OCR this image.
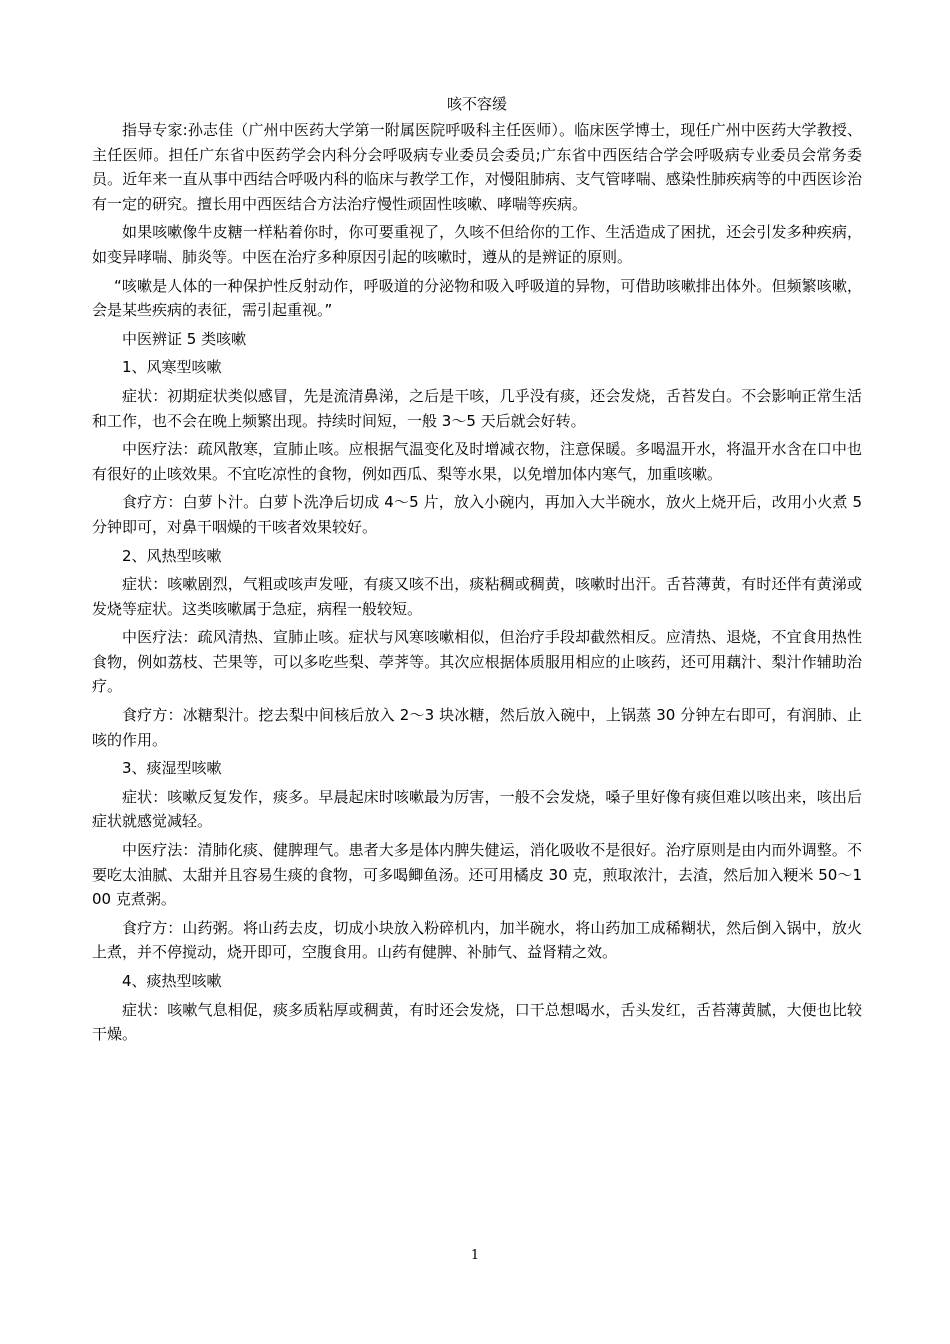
咳不容缓
指导专家:孙志佳（广州中医药大学第一附属医院呼吸科主任医师）。临床医学博士，现任广州中医药大学教授、主任医师。担任广东省中医药学会内科分会呼吸病专业委员会委员;广东省中西医结合学会呼吸病专业委员会常务委员。近年来一直从事中西结合呼吸内科的临床与教学工作，对慢阻肺病、支气管哮喘、感染性肺疾病等的中西医诊治有一定的研究。擅长用中西医结合方法治疗慢性顽固性咳嗽、哮喘等疾病。
如果咳嗽像牛皮糖一样粘着你时，你可要重视了，久咳不但给你的工作、生活造成了困扰，还会引发多种疾病，如变异哮喘、肺炎等。中医在治疗多种原因引起的咳嗽时，遵从的是辨证的原则。
“咳嗽是人体的一种保护性反射动作，呼吸道的分泌物和吸入呼吸道的异物，可借助咳嗽排出体外。但频繁咳嗽，会是某些疾病的表征，需引起重视。”
中医辨证 5 类咳嗽
1、风寒型咳嗽
症状：初期症状类似感冒，先是流清鼻涕，之后是干咳，几乎没有痰，还会发烧，舌苔发白。不会影响正常生活和工作，也不会在晚上频繁出现。持续时间短，一般 3～5 天后就会好转。
中医疗法：疏风散寒，宣肺止咳。应根据气温变化及时增减衣物，注意保暖。多喝温开水，将温开水含在口中也有很好的止咳效果。不宜吃凉性的食物，例如西瓜、梨等水果，以免增加体内寒气，加重咳嗽。
食疗方：白萝卜汁。白萝卜洗净后切成 4～5 片，放入小碗内，再加入大半碗水，放火上烧开后，改用小火煮 5 分钟即可，对鼻干咽燥的干咳者效果较好。
2、风热型咳嗽
症状：咳嗽剧烈，气粗或咳声发哑，有痰又咳不出，痰粘稠或稠黄，咳嗽时出汗。舌苔薄黄，有时还伴有黄涕或发烧等症状。这类咳嗽属于急症，病程一般较短。
中医疗法：疏风清热、宣肺止咳。症状与风寒咳嗽相似，但治疗手段却截然相反。应清热、退烧，不宜食用热性食物，例如荔枝、芒果等，可以多吃些梨、荸荠等。其次应根据体质服用相应的止咳药，还可用藕汁、梨汁作辅助治疗。
食疗方：冰糖梨汁。挖去梨中间核后放入 2～3 块冰糖，然后放入碗中，上锅蒸 30 分钟左右即可，有润肺、止咳的作用。
3、痰湿型咳嗽
症状：咳嗽反复发作，痰多。早晨起床时咳嗽最为厉害，一般不会发烧，嗓子里好像有痰但难以咳出来，咳出后症状就感觉减轻。
中医疗法：清肺化痰、健脾理气。患者大多是体内脾失健运，消化吸收不是很好。治疗原则是由内而外调整。不要吃太油腻、太甜并且容易生痰的食物，可多喝鲫鱼汤。还可用橘皮 30 克，煎取浓汁，去渣，然后加入粳米 50～100 克煮粥。
食疗方：山药粥。将山药去皮，切成小块放入粉碎机内，加半碗水，将山药加工成稀糊状，然后倒入锅中，放火上煮，并不停搅动，烧开即可，空腹食用。山药有健脾、补肺气、益肾精之效。
4、痰热型咳嗽
症状：咳嗽气息相促，痰多质粘厚或稠黄，有时还会发烧，口干总想喝水，舌头发红，舌苔薄黄腻，大便也比较干燥。
1
